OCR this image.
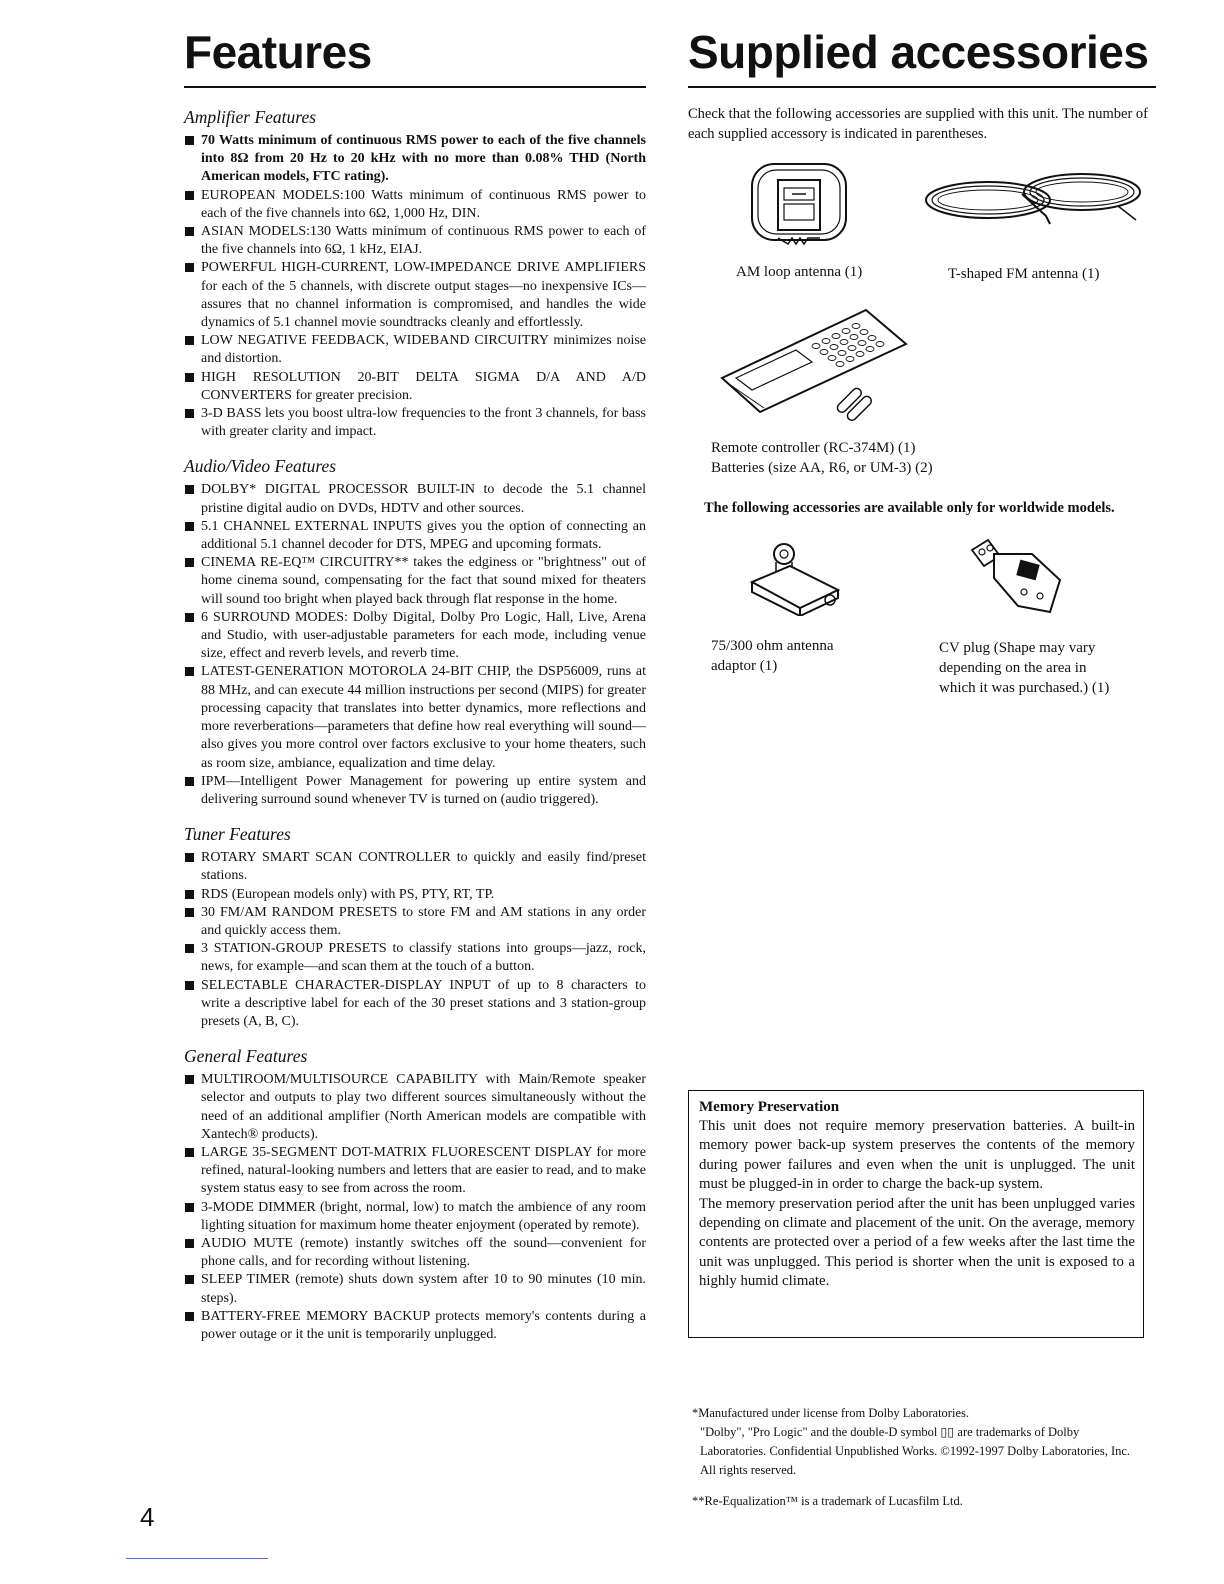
Features
Amplifier Features
70 Watts minimum of continuous RMS power to each of the five channels into 8Ω from 20 Hz to 20 kHz with no more than 0.08% THD (North American models, FTC rating).
EUROPEAN MODELS:100 Watts minimum of continuous RMS power to each of the five channels into 6Ω, 1,000 Hz, DIN.
ASIAN MODELS:130 Watts minimum of continuous RMS power to each of the five channels into 6Ω, 1 kHz, EIAJ.
POWERFUL HIGH-CURRENT, LOW-IMPEDANCE DRIVE AMPLIFIERS for each of the 5 channels, with discrete output stages—no inexpensive ICs—assures that no channel information is compromised, and handles the wide dynamics of 5.1 channel movie soundtracks cleanly and effortlessly.
LOW NEGATIVE FEEDBACK, WIDEBAND CIRCUITRY minimizes noise and distortion.
HIGH RESOLUTION 20-BIT DELTA SIGMA D/A AND A/D CONVERTERS for greater precision.
3-D BASS lets you boost ultra-low frequencies to the front 3 channels, for bass with greater clarity and impact.
Audio/Video Features
DOLBY* DIGITAL PROCESSOR BUILT-IN to decode the 5.1 channel pristine digital audio on DVDs, HDTV and other sources.
5.1 CHANNEL EXTERNAL INPUTS gives you the option of connecting an additional 5.1 channel decoder for DTS, MPEG and upcoming formats.
CINEMA RE-EQ™ CIRCUITRY** takes the edginess or "brightness" out of home cinema sound, compensating for the fact that sound mixed for theaters will sound too bright when played back through flat response in the home.
6 SURROUND MODES: Dolby Digital, Dolby Pro Logic, Hall, Live, Arena and Studio, with user-adjustable parameters for each mode, including venue size, effect and reverb levels, and reverb time.
LATEST-GENERATION MOTOROLA 24-BIT CHIP, the DSP56009, runs at 88 MHz, and can execute 44 million instructions per second (MIPS) for greater processing capacity that translates into better dynamics, more reflections and more reverberations—parameters that define how real everything will sound—also gives you more control over factors exclusive to your home theaters, such as room size, ambiance, equalization and time delay.
IPM—Intelligent Power Management for powering up entire system and delivering surround sound whenever TV is turned on (audio triggered).
Tuner Features
ROTARY SMART SCAN CONTROLLER to quickly and easily find/preset stations.
RDS (European models only) with PS, PTY, RT, TP.
30 FM/AM RANDOM PRESETS to store FM and AM stations in any order and quickly access them.
3 STATION-GROUP PRESETS to classify stations into groups—jazz, rock, news, for example—and scan them at the touch of a button.
SELECTABLE CHARACTER-DISPLAY INPUT of up to 8 characters to write a descriptive label for each of the 30 preset stations and 3 station-group presets (A, B, C).
General Features
MULTIROOM/MULTISOURCE CAPABILITY with Main/Remote speaker selector and outputs to play two different sources simultaneously without the need of an additional amplifier (North American models are compatible with Xantech® products).
LARGE 35-SEGMENT DOT-MATRIX FLUORESCENT DISPLAY for more refined, natural-looking numbers and letters that are easier to read, and to make system status easy to see from across the room.
3-MODE DIMMER (bright, normal, low) to match the ambience of any room lighting situation for maximum home theater enjoyment (operated by remote).
AUDIO MUTE (remote) instantly switches off the sound—convenient for phone calls, and for recording without listening.
SLEEP TIMER (remote) shuts down system after 10 to 90 minutes (10 min. steps).
BATTERY-FREE MEMORY BACKUP protects memory's contents during a power outage or it the unit is temporarily unplugged.
Supplied accessories

Check that the following accessories are supplied with this unit. The number of each supplied accessory is indicated in parentheses.

AM loop antenna (1)	T-shaped FM antenna (1)
Remote controller (RC-374M) (1)
Batteries (size AA, R6, or UM-3) (2)
The following accessories are available only for worldwide models.
75/300 ohm antenna
adaptor (1)
CV plug (Shape may vary
depending on the area in
which it was purchased.) (1)
Memory Preservation

This unit does not require memory preservation batteries. A built-in memory power back-up system preserves the contents of the memory during power failures and even when the unit is unplugged. The unit must be plugged-in in order to charge the back-up system.

The memory preservation period after the unit has been unplugged varies depending on climate and placement of the unit. On the average, memory contents are protected over a period of a few weeks after the last time the unit was unplugged. This period is shorter when the unit is exposed to a highly humid climate.

*Manufactured under license from Dolby Laboratories.

"Dolby", "Pro Logic" and the double-D symbol ▯▯ are trademarks of Dolby Laboratories. Confidential Unpublished Works. ©1992-1997 Dolby Laboratories, Inc. All rights reserved.

**Re-Equalization™ is a trademark of Lucasfilm Ltd.

4
